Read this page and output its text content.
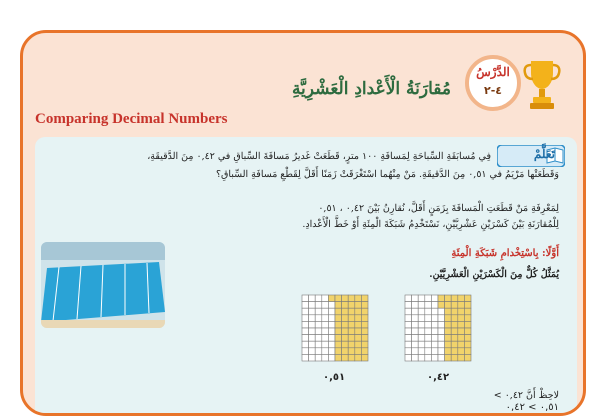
الدَّرْسُ
٤-٢
مُقارَنَةُ الْأَعْدادِ الْعَشْرِيَّةِ
Comparing Decimal Numbers
تَعَلَّمْ
فِي مُسابَقَةِ السِّباحَةِ لِمَسافَةِ ١٠٠ مترٍ، قَطَعَتْ غَديرُ مَسافَةَ السِّباقِ في ٠,٤٢ مِنَ الدَّقيقَةِ،
وَقَطَعَتْها مَرْيَمُ في ٠,٥١ مِنَ الدَّقيقَةِ. مَنْ مِنْهُما اسْتَغْرَقَتْ زَمَنًا أَقَلَّ لِقَطْعِ مَسافَةِ السِّباقِ؟
لِمَعْرِفَةِ مَنْ قَطَعَتِ الْمَسافَةَ بِزَمَنٍ أَقَلَّ، نُقارِنُ بَيْنَ ٠,٤٢ ، ٠,٥١
لِلْمُقارَنَةِ بَيْنَ كَسْرَيْنِ عَشْرِيَّيْنِ، نَسْتَخْدِمُ شَبَكَةَ الْمِئَةِ أَوْ خَطَّ الْأَعْدادِ.
أَوَّلًا: بِاسْتِخْدامِ شَبَكَةِ الْمِئَةِ
يُمَثَّلُ كُلٌّ مِنَ الْكَسْرَيْنِ الْعَشْرِيَّيْنِ.
٠,٥١	٠,٤٢
لاحِظْ أَنَّ ٠,٤٢ >
٠,٥١ > ٠,٤٢
